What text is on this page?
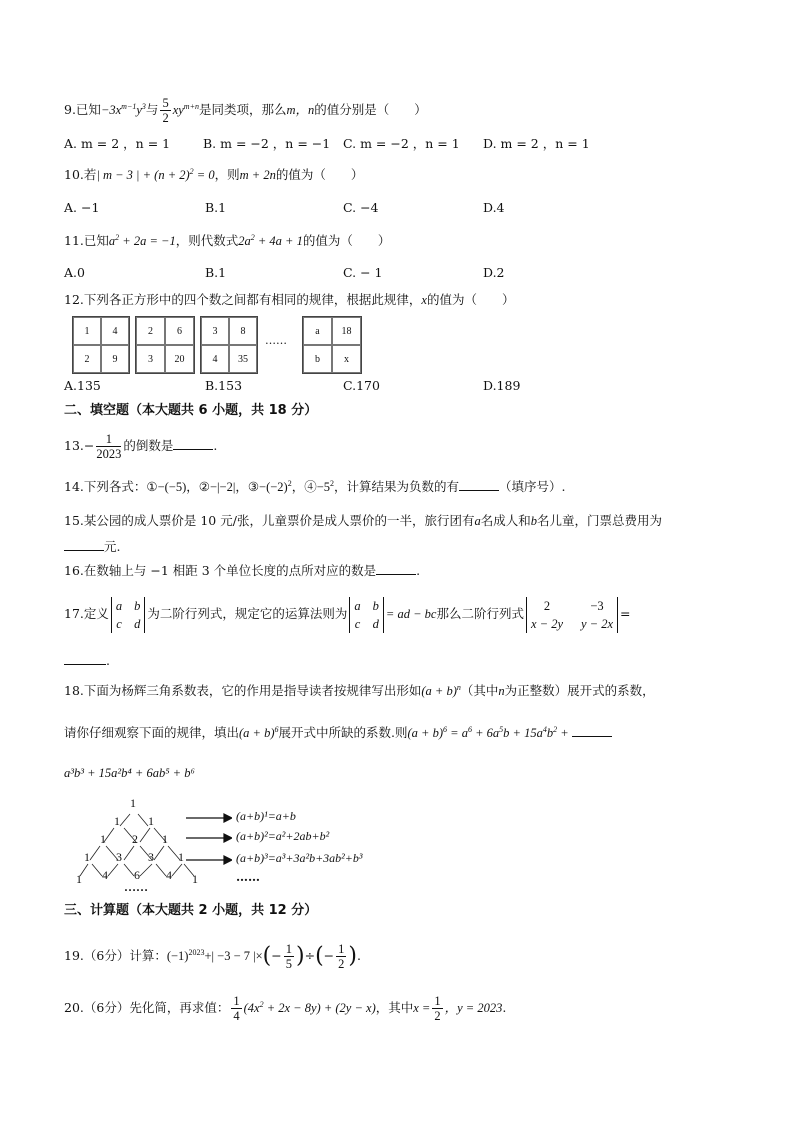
9.已知$-3x^{m-1}y^3$与 $\frac{5}{2} xy^{m+n}$是同类项，那么m，n的值分别是（　　）
A. m = 2 ，n = 1	B. m = −2 ，n = −1 C. m = −2 ，n = 1 D. m = 2 ，n = 1
10.若| m − 3 | + $(n + 2)^2 = 0$，则m + 2n的值为（　　）
A. −1	B.1	C. −4	D.4
11.已知$a^2 + 2a = -1$，则代数式$2a^2 + 4a + 1$的值为（　　）
A.0	B.1	C. − 1	D.2
12.下列各正方形中的四个数之间都有相同的规律，根据此规律，x的值为（　　）
1	4
2	9
2	6
3	20
3	8
4	35
……
a	18
b	x
A.135	B.153	C.170	D.189
二、填空题（本大题共 6 小题，共 18 分）
$13.- \frac{1}{2023}$ 的倒数是	.
14.下列各式：①−(−5)，②−|−2|，$③-(-2)^2$，$④-5^2$，计算结果为负数的有	（填序号）.
15.某公园的成人票价是 10 元/张，儿童票价是成人票价的一半，旅行团有a名成人和b名儿童，门票总费用为
元.
16.在数轴上与 −1 相距 3 个单位长度的点所对应的数是	.
17.定义
a b
c d
为二阶行列式，规定它的运算法则为
a b
c d
= ad − bc那么二阶行列式
2	−3
x − 2y y − 2x
=
.
18.下面为杨辉三角系数表，它的作用是指导读者按规律写出形如$(a + b)^n$（其中n为正整数）展开式的系数，
请你仔细观察下面的规律，填出$(a + b)^6$展开式中所缺的系数.则$(a + b)^6 = a^6 + 6a^5b + 15a^4b^2$ +
a³b³ + 15a²b⁴ + 6ab⁵ + b⁶
1
1 1
1 2 1
1 3 3 1
1 4 6 4 1
……
(a+b)¹=a+b
(a+b)²=a²+2ab+b²
(a+b)³=a³+3a²b+3ab²+b³
……
三、计算题（本大题共 2 小题，共 12 分）
19.（6分）计算：$(-1)^{2023}+| -3 - 7$ |×(− $\frac{1}{5}$ )÷(− $\frac{1}{2}$ ).
20.（6分）先化简，再求值： $\frac{1}{4} (4x^2 + 2x - 8y) + (2y - x)$，其中$x = \frac{1}{2}$ ，y = 2023.
